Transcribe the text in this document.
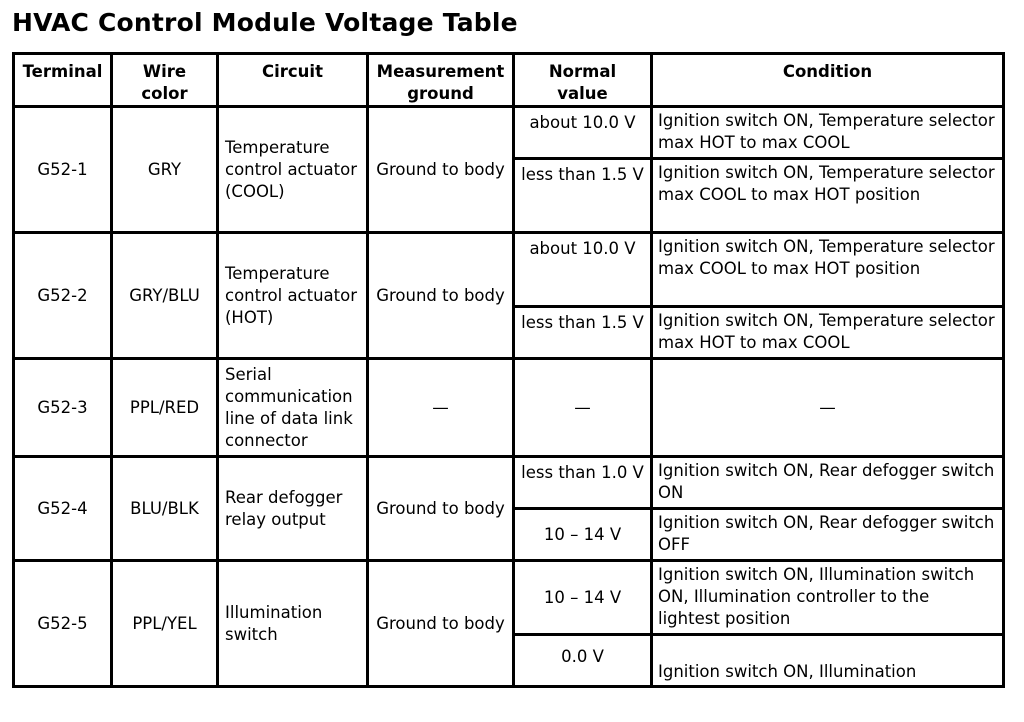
HVAC Control Module Voltage Table
Terminal	Wire color	Circuit	Measurement ground	Normal value	Condition
G52-1	GRY	Temperature control actuator (COOL)	Ground to body	about 10.0 V	Ignition switch ON, Temperature selector max HOT to max COOL
				less than 1.5 V	Ignition switch ON, Temperature selector max COOL to max HOT position
G52-2	GRY/BLU	Temperature control actuator (HOT)	Ground to body	about 10.0 V	Ignition switch ON, Temperature selector max COOL to max HOT position
				less than 1.5 V	Ignition switch ON, Temperature selector max HOT to max COOL
G52-3	PPL/RED	Serial communication line of data link connector	—	—	—
G52-4	BLU/BLK	Rear defogger relay output	Ground to body	less than 1.0 V	Ignition switch ON, Rear defogger switch ON
				10 – 14 V	Ignition switch ON, Rear defogger switch OFF
G52-5	PPL/YEL	Illumination switch	Ground to body	10 – 14 V	Ignition switch ON, Illumination switch ON, Illumination controller to the lightest position
				0.0 V	Ignition switch ON, Illumination
